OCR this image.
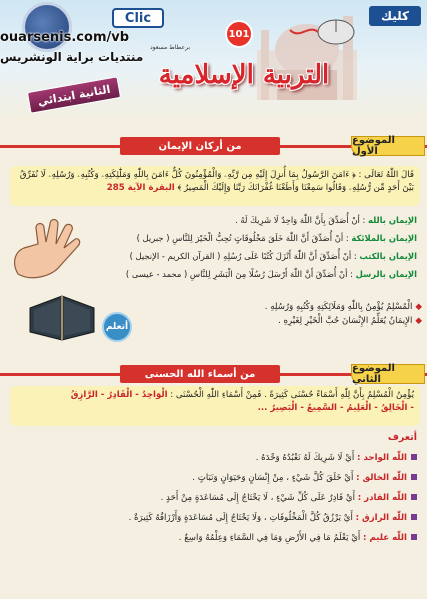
Clic	كليك
101
ouarsenis.com/vb
منتديات براية الونشريس
برعطاط مسعود
التربية الإسلامية
الثانية ابتدائي
من أركان الإيمان	الموضوع الأول
قَالَ اللّٰهُ تَعَالَى : ﴿ ءَامَنَ الرَّسُولُ بِمَا أُنزِلَ إِلَيْهِ مِن رَّبِّهِۦ وَالْمُؤْمِنُونَ كُلٌّ ءَامَنَ بِاللّٰهِ وَمَلَٰٓئِكَتِهِۦ وَكُتُبِهِۦ وَرُسُلِهِۦ لَا نُفَرِّقُ بَيْنَ أَحَدٍ مِّن رُّسُلِهِۦ وَقَالُوا سَمِعْنَا وَأَطَعْنَا غُفْرَانَكَ رَبَّنَا وَإِلَيْكَ الْمَصِيرُ ﴾ البقرة الآية 285
الإيمان بالله : أنْ أُصَدِّقَ بِأَنَّ اللّٰهَ وَاحِدٌ لَا شَرِيكَ لَهُ .
الإيمان بالملائكة : أنْ أُصَدِّقَ أَنَّ اللّٰهَ خَلَقَ مَخْلُوقَاتٍ تُحِبُّ الْخَيْرَ لِلنَّاسِ ( جبريل )
الإيمان بالكتب : أنْ أُصَدِّقَ أَنَّ اللّٰهَ أَنْزَلَ كُتُبًا عَلَى رُسُلِهِ ( القرآن الكريم - الإنجيل )
الإيمان بالرسل : أنْ أُصَدِّقَ أَنَّ اللّٰهَ أَرْسَلَ رُسُلًا مِنَ الْبَشَرِ لِلنَّاسِ ( محمد - عيسى )
أتعلم
◆ الْمُسْلِمُ يُؤْمِنُ بِاللّٰهِ وَمَلَائِكَتِهِ وَكُتُبِهِ وَرُسُلِهِ .
◆ الإِيمَانُ يُعَلِّمُ الإِنْسَانَ حُبَّ الْخَيْرِ لِغَيْرِهِ .
من أسماء الله الحسنى	الموضوع الثاني
يُؤْمِنُ الْمُسْلِمُ بِأَنَّ لِلّٰهِ أَسْمَاءً حُسْنَى كَثِيرَةً . فَمِنْ أَسْمَاءِ اللّٰهِ الْحُسْنَى : الْوَاحِدُ - الْقَادِرُ - الرَّازِقُ
- الْخَالِقُ - الْعَلِيمُ - السَّمِيعُ - الْبَصِيرُ ...
أتعرف
اللّٰه الواحد : أَيْ لَا شَرِيكَ لَهُ نَعْبُدُهُ وَحْدَهُ .
اللّٰه الخالق : أَيْ خَلَقَ كُلَّ شَيْءٍ ، مِنْ إِنْسَانٍ وَحَيَوَانٍ وَنَبَاتٍ .
اللّٰه القادر : أَيْ قَادِرٌ عَلَى كُلِّ شَيْءٍ ، لَا يَحْتَاجُ إِلَى مُسَاعَدَةٍ مِنْ أَحَدٍ .
اللّٰه الرازق : أَيْ يَرْزُقُ كُلَّ الْمَخْلُوقَاتِ ، وَلَا يَحْتَاجُ إِلَى مُسَاعَدَةٍ وَأَرْزَاقُهُ كَثِيرَةٌ .
اللّٰه عليم : أَيْ يَعْلَمُ مَا فِي الأَرْضِ وَمَا فِي السَّمَاءِ وَعِلْمُهُ وَاسِعٌ .
